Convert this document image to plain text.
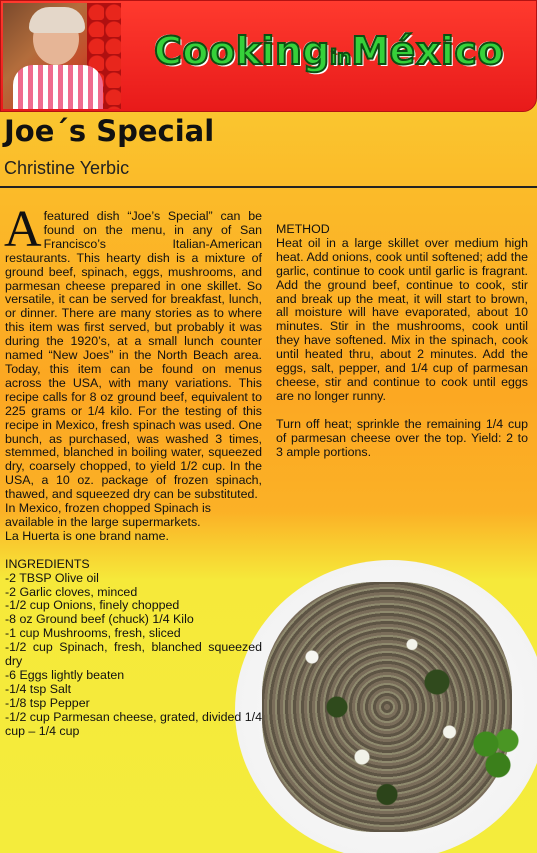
CookinginMéxico
Joe´s Special
Christine Yerbic

Afeatured dish “Joe’s Special” can be found on the menu, in any of San Francisco’s Italian-American restaurants. This hearty dish is a mixture of ground beef, spinach, eggs, mushrooms, and parmesan cheese prepared in one skillet. So versatile, it can be served for breakfast, lunch, or dinner. There are many stories as to where this item was first served, but probably it was during the 1920’s, at a small lunch counter named “New Joes” in the North Beach area. Today, this item can be found on menus across the USA, with many variations. This recipe calls for 8 oz ground beef, equivalent to 225 grams or 1/4 kilo. For the testing of this recipe in Mexico, fresh spinach was used. One bunch, as purchased, was washed 3 times, stemmed, blanched in boiling water, squeezed dry, coarsely chopped, to yield 1/2 cup. In the USA, a 10 oz. package of frozen spinach, thawed, and squeezed dry can be substituted.

In Mexico, frozen chopped Spinach is available in the large supermarkets.

La Huerta is one brand name.

INGREDIENTS

-2 TBSP Olive oil
-2 Garlic cloves, minced
-1/2 cup Onions, finely chopped
-8 oz Ground beef (chuck) 1/4 Kilo
-1 cup Mushrooms, fresh, sliced
-1/2 cup Spinach, fresh, blanched squeezed dry
-6 Eggs lightly beaten
-1/4 tsp Salt
-1/8 tsp Pepper
-1/2 cup Parmesan cheese, grated, divided 1/4 cup – 1/4 cup

METHOD

Heat oil in a large skillet over medium high heat. Add onions, cook until softened; add the garlic, continue to cook until garlic is fragrant. Add the ground beef, continue to cook, stir and break up the meat, it will start to brown, all moisture will have evaporated, about 10 minutes. Stir in the mushrooms, cook until they have softened. Mix in the spinach, cook until heated thru, about 2 minutes. Add the eggs, salt, pepper, and 1/4 cup of parmesan cheese, stir and continue to cook until eggs are no longer runny.

Turn off heat; sprinkle the remaining 1/4 cup of parmesan cheese over the top. Yield: 2 to 3 ample portions.
